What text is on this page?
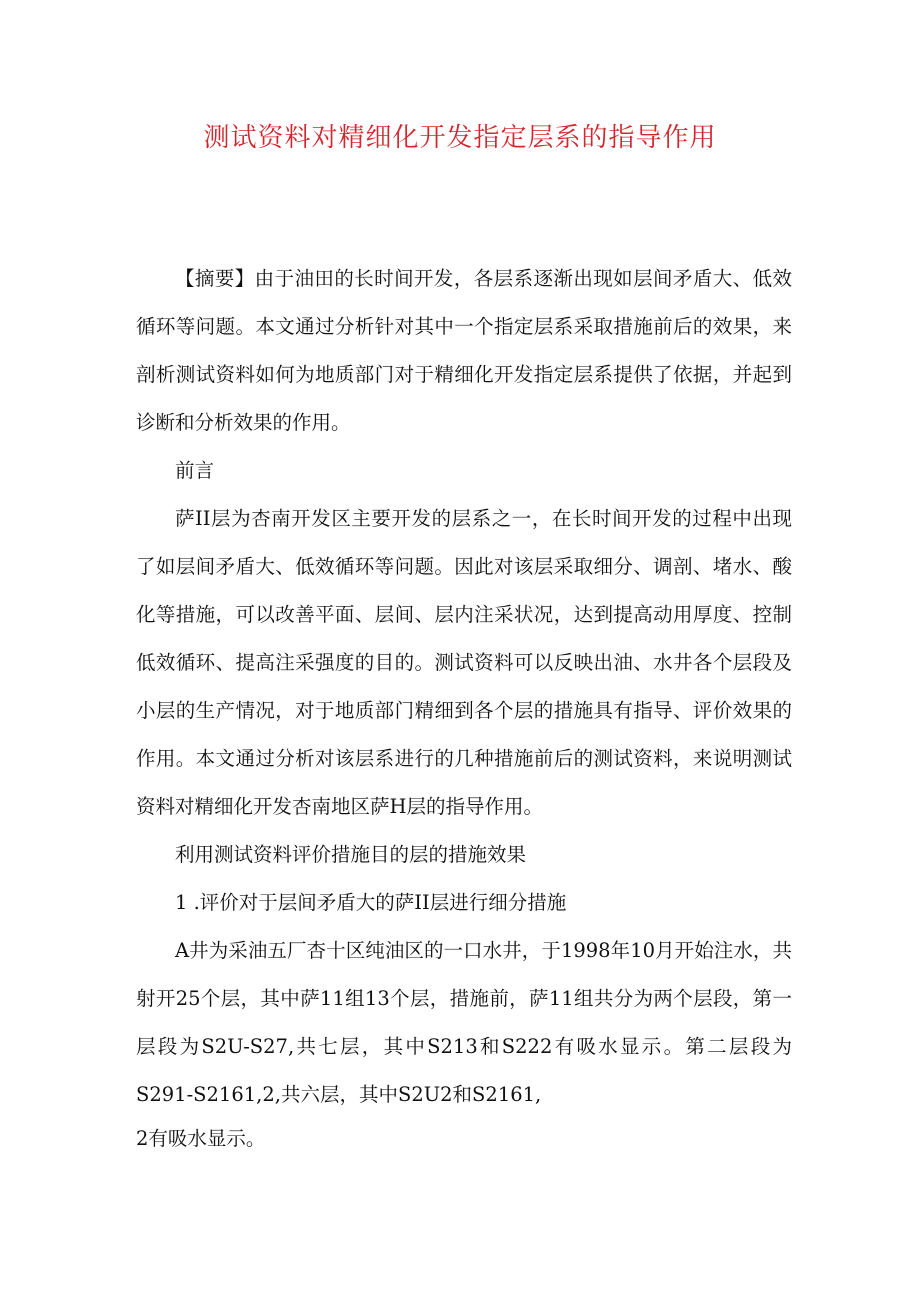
测试资料对精细化开发指定层系的指导作用

【摘要】由于油田的长时间开发，各层系逐渐出现如层间矛盾大、低效循环等问题。本文通过分析针对其中一个指定层系采取措施前后的效果，来剖析测试资料如何为地质部门对于精细化开发指定层系提供了依据，并起到诊断和分析效果的作用。

前言

萨II层为杏南开发区主要开发的层系之一，在长时间开发的过程中出现了如层间矛盾大、低效循环等问题。因此对该层采取细分、调剖、堵水、酸化等措施，可以改善平面、层间、层内注采状况，达到提高动用厚度、控制低效循环、提高注采强度的目的。测试资料可以反映出油、水井各个层段及小层的生产情况，对于地质部门精细到各个层的措施具有指导、评价效果的作用。本文通过分析对该层系进行的几种措施前后的测试资料，来说明测试资料对精细化开发杏南地区萨H层的指导作用。

利用测试资料评价措施目的层的措施效果

1 .评价对于层间矛盾大的萨II层进行细分措施

A井为采油五厂杏十区纯油区的一口水井，于1998年10月开始注水，共射开25个层，其中萨11组13个层，措施前，萨11组共分为两个层段，第一层段为S2U-S27,共七层，其中S213和S222有吸水显示。第二层段为S291-S2161,2,共六层，其中S2U2和S2161,

2有吸水显示。
